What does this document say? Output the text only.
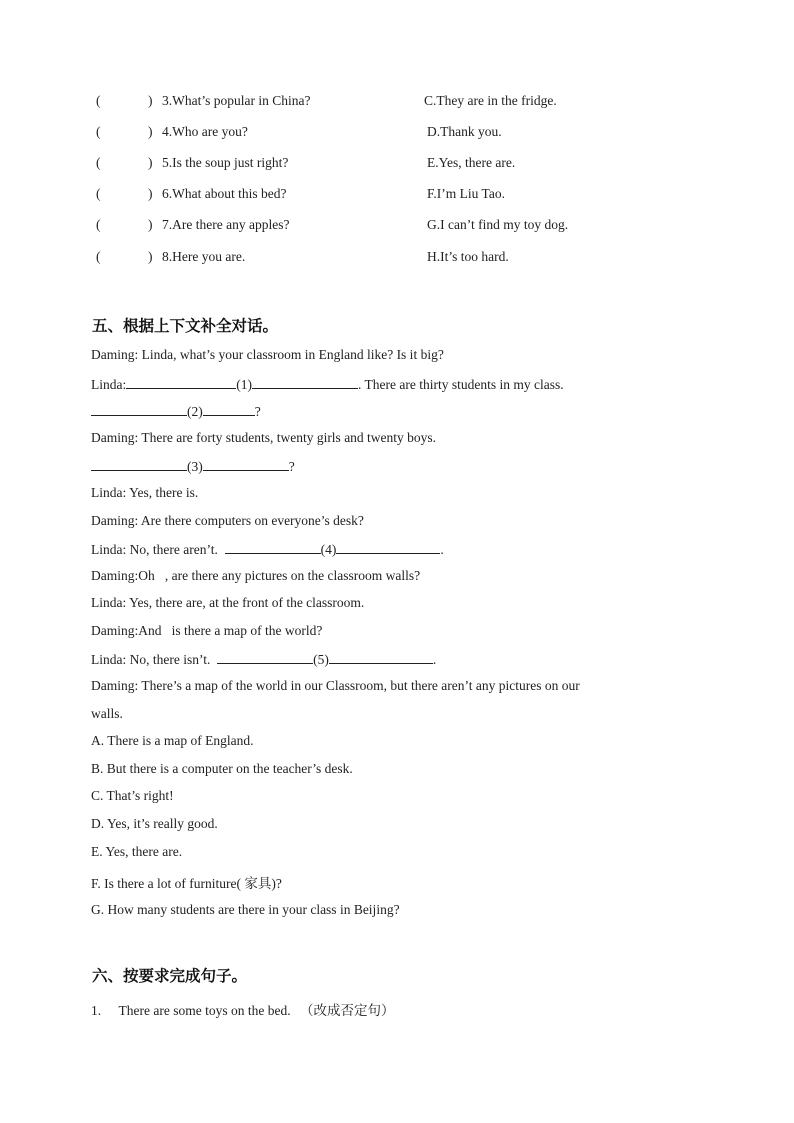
(	) 3.What’s popular in China?	C.They are in the fridge.
(	) 4.Who are you?	D.Thank you.
(	) 5.Is the soup just right?	E.Yes, there are.
(	) 6.What about this bed?	F.I’m Liu Tao.
(	) 7.Are there any apples?	G.I can’t find my toy dog.
(	) 8.Here you are.	H.It’s too hard.
五、根据上下文补全对话。
Daming: Linda, what’s your classroom in England like? Is it big?
Linda:	(1)	. There are thirty students in my class.
(2)	?
Daming: There are forty students, twenty girls and twenty boys.
(3)	?
Linda: Yes, there is.
Daming: Are there computers on everyone’s desk?
Linda: No, there aren’t.	(4)	.
Daming:Oh   , are there any pictures on the classroom walls?
Linda: Yes, there are, at the front of the classroom.
Daming:And   is there a map of the world?
Linda: No, there isn’t.	(5)	.
Daming: There’s a map of the world in our Classroom, but there aren’t any pictures on our
walls.
A. There is a map of England.
B. But there is a computer on the teacher’s desk.
C. That’s right!
D. Yes, it’s really good.
E. Yes, there are.
F. Is there a lot of furniture( 家具)?
G. How many students are there in your class in Beijing?
六、按要求完成句子。
1. There are some toys on the bed. （改成否定句）
